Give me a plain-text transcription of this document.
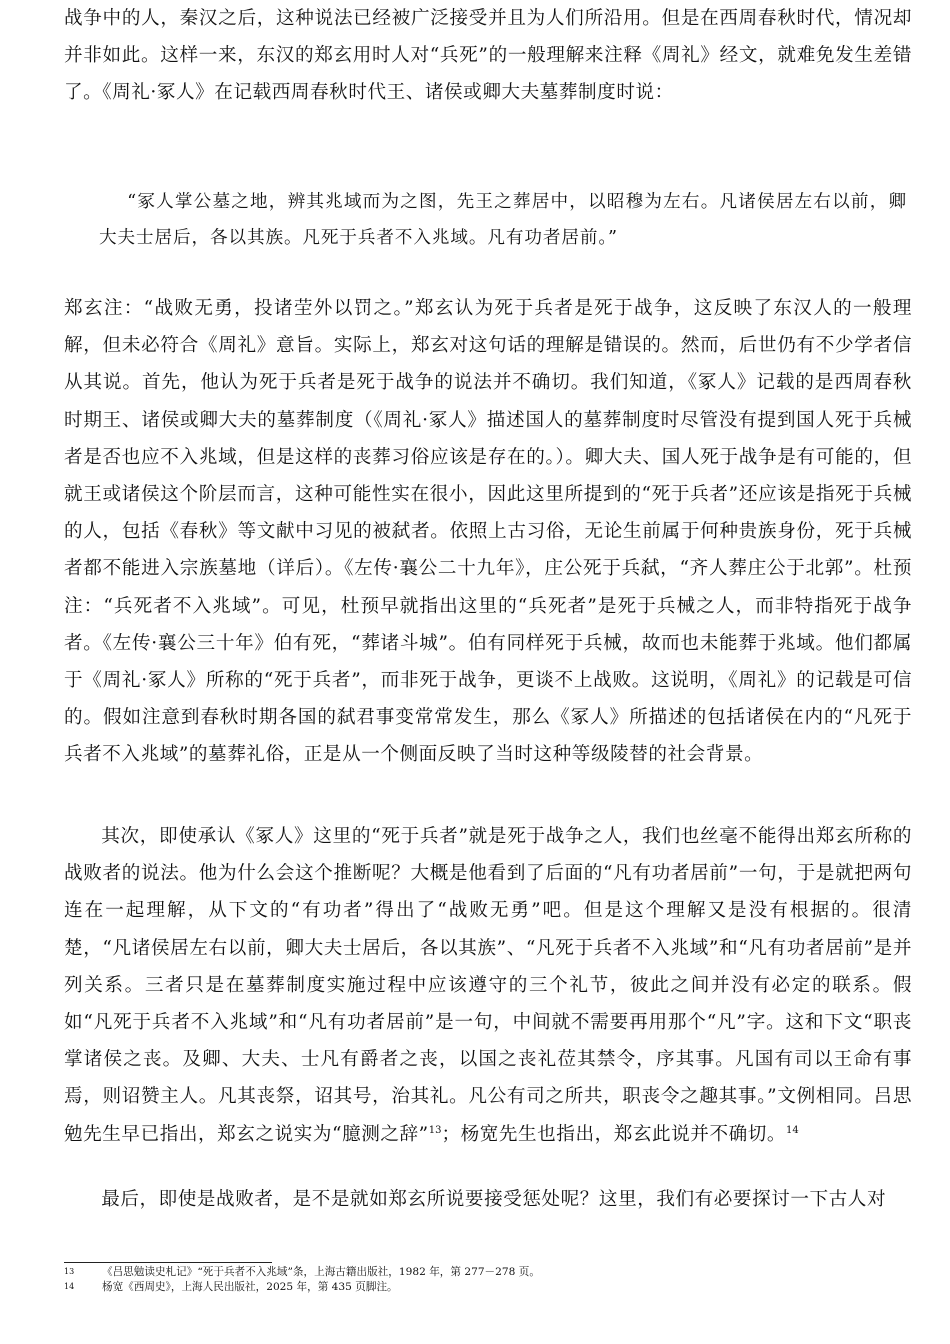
战争中的人，秦汉之后，这种说法已经被广泛接受并且为人们所沿用。但是在西周春秋时代，情况却并非如此。这样一来，东汉的郑玄用时人对“兵死”的一般理解来注释《周礼》经文，就难免发生差错了。《周礼·冢人》在记载西周春秋时代王、诸侯或卿大夫墓葬制度时说：

“冢人掌公墓之地，辨其兆域而为之图，先王之葬居中，以昭穆为左右。凡诸侯居左右以前，卿大夫士居后，各以其族。凡死于兵者不入兆域。凡有功者居前。”

郑玄注：“战败无勇，投诸茔外以罚之。”郑玄认为死于兵者是死于战争，这反映了东汉人的一般理解，但未必符合《周礼》意旨。实际上，郑玄对这句话的理解是错误的。然而，后世仍有不少学者信从其说。首先，他认为死于兵者是死于战争的说法并不确切。我们知道，《冢人》记载的是西周春秋时期王、诸侯或卿大夫的墓葬制度（《周礼·冢人》描述国人的墓葬制度时尽管没有提到国人死于兵械者是否也应不入兆域，但是这样的丧葬习俗应该是存在的。）。卿大夫、国人死于战争是有可能的，但就王或诸侯这个阶层而言，这种可能性实在很小，因此这里所提到的“死于兵者”还应该是指死于兵械的人，包括《春秋》等文献中习见的被弑者。依照上古习俗，无论生前属于何种贵族身份，死于兵械者都不能进入宗族墓地（详后）。《左传·襄公二十九年》，庄公死于兵弑，“齐人葬庄公于北郭”。杜预注：“兵死者不入兆域”。可见，杜预早就指出这里的“兵死者”是死于兵械之人，而非特指死于战争者。《左传·襄公三十年》伯有死，“葬诸斗城”。伯有同样死于兵械，故而也未能葬于兆域。他们都属于《周礼·冢人》所称的“死于兵者”，而非死于战争，更谈不上战败。这说明，《周礼》的记载是可信的。假如注意到春秋时期各国的弑君事变常常发生，那么《冢人》所描述的包括诸侯在内的“凡死于兵者不入兆域”的墓葬礼俗，正是从一个侧面反映了当时这种等级陵替的社会背景。

其次，即使承认《冢人》这里的“死于兵者”就是死于战争之人，我们也丝毫不能得出郑玄所称的战败者的说法。他为什么会这个推断呢？大概是他看到了后面的“凡有功者居前”一句，于是就把两句连在一起理解，从下文的“有功者”得出了“战败无勇”吧。但是这个理解又是没有根据的。很清楚，“凡诸侯居左右以前，卿大夫士居后，各以其族”、“凡死于兵者不入兆域”和“凡有功者居前”是并列关系。三者只是在墓葬制度实施过程中应该遵守的三个礼节，彼此之间并没有必定的联系。假如“凡死于兵者不入兆域”和“凡有功者居前”是一句，中间就不需要再用那个“凡”字。这和下文“职丧掌诸侯之丧。及卿、大夫、士凡有爵者之丧，以国之丧礼莅其禁令，序其事。凡国有司以王命有事焉，则诏赞主人。凡其丧祭，诏其号，治其礼。凡公有司之所共，职丧令之趣其事。”文例相同。吕思勉先生早已指出，郑玄之说实为“臆测之辞”$^{13}$；杨宽先生也指出，郑玄此说并不确切。$^{14}$

最后，即使是战败者，是不是就如郑玄所说要接受惩处呢？这里，我们有必要探讨一下古人对

13	《吕思勉读史札记》“死于兵者不入兆域”条，上海古籍出版社，1982 年，第 277－278 页。

14	杨宽《西周史》，上海人民出版社，2025 年，第 435 页脚注。
